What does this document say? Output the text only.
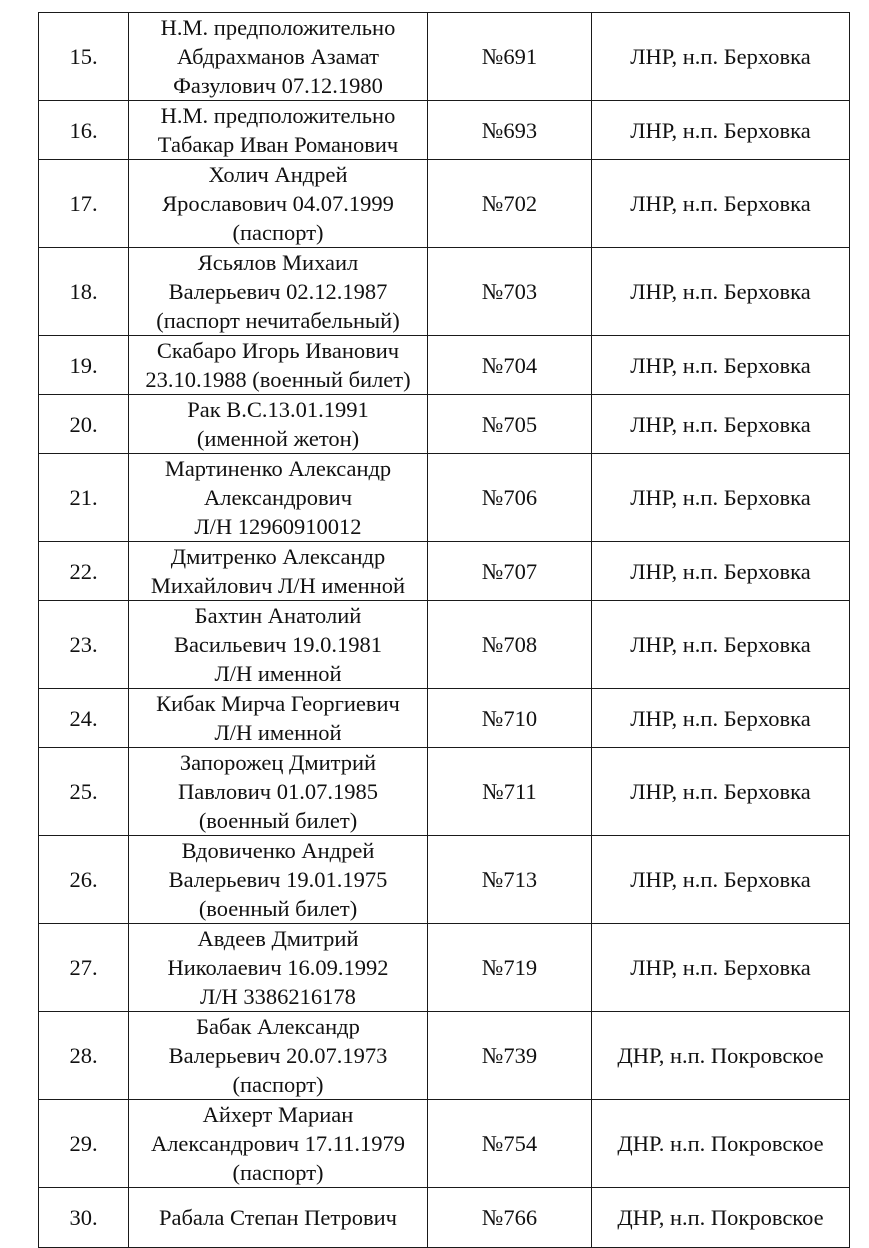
15.	Н.М. предположительно
Абдрахманов Азамат
Фазулович 07.12.1980	№691	ЛНР, н.п. Берховка
16.	Н.М. предположительно
Табакар Иван Романович	№693	ЛНР, н.п. Берховка
17.	Холич Андрей
Ярославович 04.07.1999
(паспорт)	№702	ЛНР, н.п. Берховка
18.	Ясьялов Михаил
Валерьевич 02.12.1987
(паспорт нечитабельный)	№703	ЛНР, н.п. Берховка
19.	Скабаро Игорь Иванович
23.10.1988 (военный билет)	№704	ЛНР, н.п. Берховка
20.	Рак В.С.13.01.1991
(именной жетон)	№705	ЛНР, н.п. Берховка
21.	Мартиненко Александр
Александрович
Л/Н 12960910012	№706	ЛНР, н.п. Берховка
22.	Дмитренко Александр
Михайлович Л/Н именной	№707	ЛНР, н.п. Берховка
23.	Бахтин Анатолий
Васильевич 19.0.1981
Л/Н именной	№708	ЛНР, н.п. Берховка
24.	Кибак Мирча Георгиевич
Л/Н именной	№710	ЛНР, н.п. Берховка
25.	Запорожец Дмитрий
Павлович 01.07.1985
(военный билет)	№711	ЛНР, н.п. Берховка
26.	Вдовиченко Андрей
Валерьевич 19.01.1975
(военный билет)	№713	ЛНР, н.п. Берховка
27.	Авдеев Дмитрий
Николаевич 16.09.1992
Л/Н 3386216178	№719	ЛНР, н.п. Берховка
28.	Бабак Александр
Валерьевич 20.07.1973
(паспорт)	№739	ДНР, н.п. Покровское
29.	Айхерт Мариан
Александрович 17.11.1979
(паспорт)	№754	ДНР. н.п. Покровское
30.	Рабала Степан Петрович	№766	ДНР, н.п. Покровское
